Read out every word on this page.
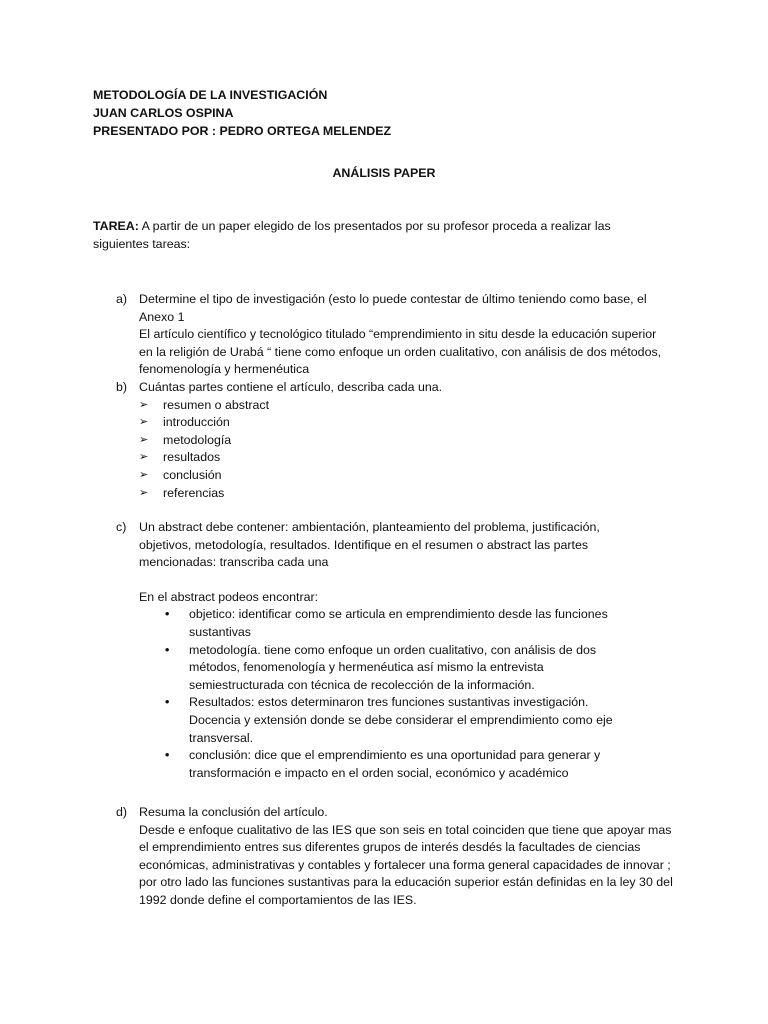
METODOLOGÍA DE LA INVESTIGACIÓN
JUAN CARLOS OSPINA
PRESENTADO POR : PEDRO ORTEGA MELENDEZ
ANÁLISIS PAPER
TAREA: A partir de un paper elegido de los presentados por su profesor proceda a realizar las siguientes tareas:
a) Determine el tipo de investigación (esto lo puede contestar de último teniendo como base, el Anexo 1
El artículo científico y tecnológico titulado “emprendimiento in situ desde la educación superior en la religión de Urabá “ tiene como enfoque un orden cualitativo, con análisis de dos métodos, fenomenología y hermenéutica
b) Cuántas partes contiene el artículo, describa cada una.
➢ resumen o abstract
➢ introducción
➢ metodología
➢ resultados
➢ conclusión
➢ referencias
c) Un abstract debe contener: ambientación, planteamiento del problema, justificación, objetivos, metodología, resultados. Identifique en el resumen o abstract las partes mencionadas: transcriba cada una
En el abstract podeos encontrar:
• objetico: identificar como se articula en emprendimiento desde las funciones sustantivas
• metodología. tiene como enfoque un orden cualitativo, con análisis de dos métodos, fenomenología y hermenéutica así mismo la entrevista semiestructurada con técnica de recolección de la información.
• Resultados: estos determinaron tres funciones sustantivas investigación. Docencia y extensión donde se debe considerar el emprendimiento como eje transversal.
• conclusión: dice que el emprendimiento es una oportunidad para generar y transformación e impacto en el orden social, económico y académico
d) Resuma la conclusión del artículo.
Desde e enfoque cualitativo de las IES que son seis en total coinciden que tiene que apoyar mas el emprendimiento entres sus diferentes grupos de interés desdés la facultades de ciencias económicas, administrativas y contables y fortalecer una forma general capacidades de innovar ; por otro lado las funciones sustantivas para la educación superior están definidas en la ley 30 del 1992 donde define el comportamientos de las IES.
